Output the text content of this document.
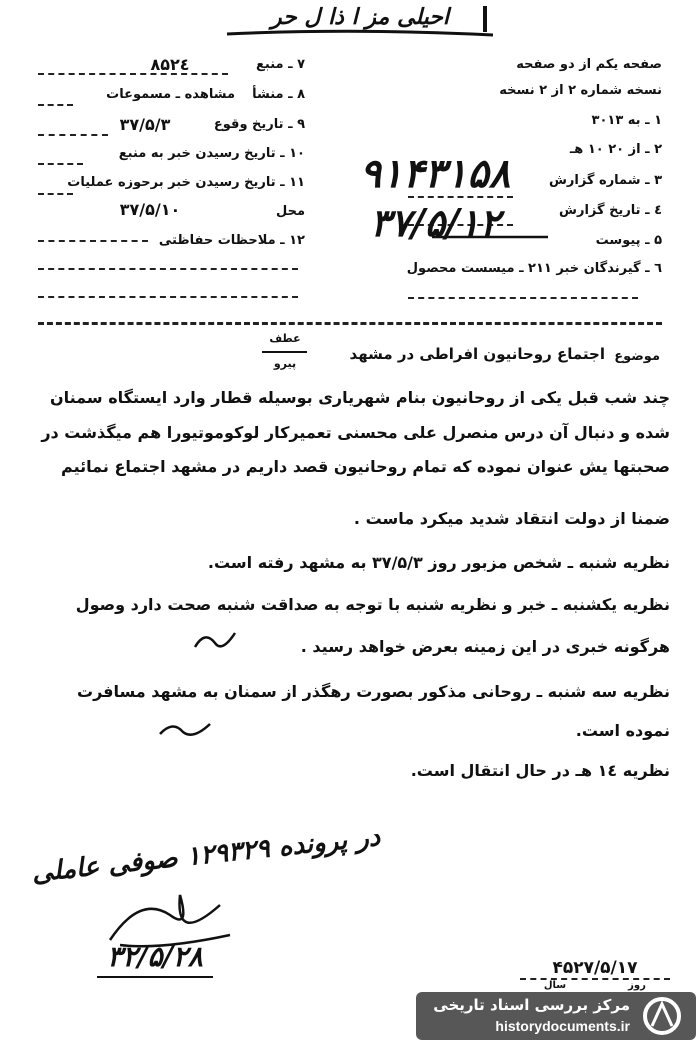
احیلی مز ا ذا ل حر
صفحه یکم از دو صفحه
نسخه شماره ۲ از ۲ نسخه
۱ ـ به ۳۰۱۳
۲ ـ از ۲۰ ۱۰ هـ
۳ ـ شماره گزارش
٤ ـ تاریخ گزارش
۵ ـ پیوست
٦ ـ گیرندگان خبر ۲۱۱ ـ میسست محصول
۷ ـ منبع
۸۵۲٤
۸ ـ منشأ
مشاهده ـ مسموعات
۹ ـ تاریخ وقوع
۳۷/۵/۳
۱۰ ـ تاریخ رسیدن خبر به منبع
۱۱ ـ تاریخ رسیدن خبر برحوزه عملیات
محل
۳۷/۵/۱۰
۱۲ ـ ملاحظات حفاظتی
۹۱۴۳۱۵۸
۳۷/۵/۱۲
موضوع
اجتماع روحانیون افراطی در مشهد
عطف
پیرو
چند شب قبل یکی از روحانیون بنام شهریاری بوسیله قطار وارد ایستگاه سمنان
شده و دنبال آن درس منصرل علی محسنی تعمیرکار لوکوموتیورا هم میگذشت در
صحبتها یش عنوان نموده که تمام روحانیون قصد داریم در مشهد اجتماع نمائیم
ضمنا از دولت انتقاد شدید میکرد ماست .
نظریه شنبه ـ شخص مزبور روز ۳۷/۵/۳ به مشهد رفته است.
نظریه یکشنبه ـ خبر و نظریه شنبه با توجه به صداقت شنبه صحت دارد وصول
هرگونه خبری در این زمینه بعرض خواهد رسید .
نظریه سه شنبه ـ روحانی مذکور بصورت رهگذر از سمنان به مشهد مسافرت
نموده است.
نظریه ۱٤ هـ در حال انتقال است.
در پرونده ۱۲۹۳۲۹ صوفی عاملی
۳۲/۵/۲۸	۴۵۲۷/۵/۱۷
روز
سال
مرکز بررسی اسناد تاریخی
historydocuments.ir
